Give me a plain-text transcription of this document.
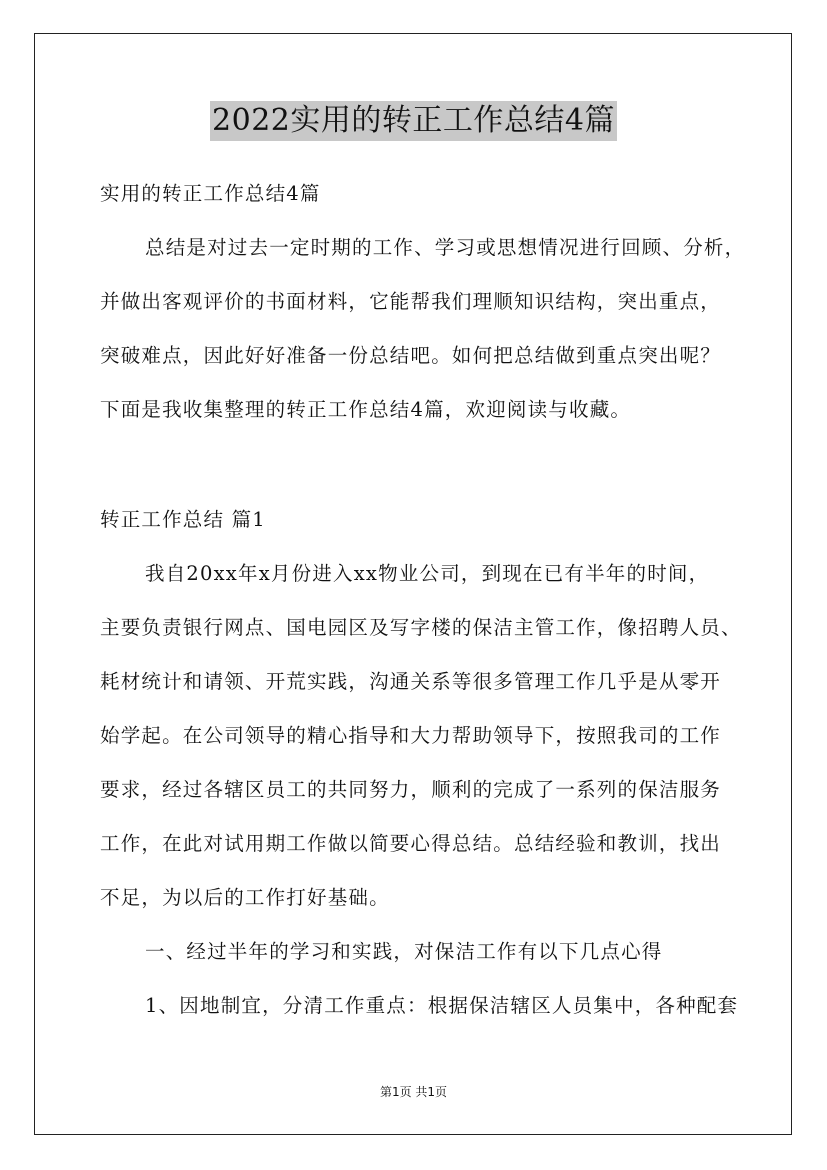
2022实用的转正工作总结4篇
实用的转正工作总结4篇
总结是对过去一定时期的工作、学习或思想情况进行回顾、分析，
并做出客观评价的书面材料，它能帮我们理顺知识结构，突出重点，
突破难点，因此好好准备一份总结吧。如何把总结做到重点突出呢？
下面是我收集整理的转正工作总结4篇，欢迎阅读与收藏。
转正工作总结 篇1
我自20xx年x月份进入xx物业公司，到现在已有半年的时间，
主要负责银行网点、国电园区及写字楼的保洁主管工作，像招聘人员、
耗材统计和请领、开荒实践，沟通关系等很多管理工作几乎是从零开
始学起。在公司领导的精心指导和大力帮助领导下，按照我司的工作
要求，经过各辖区员工的共同努力，顺利的完成了一系列的保洁服务
工作，在此对试用期工作做以简要心得总结。总结经验和教训，找出
不足，为以后的工作打好基础。
一、经过半年的学习和实践，对保洁工作有以下几点心得
1、因地制宜，分清工作重点：根据保洁辖区人员集中，各种配套
第1页 共1页
